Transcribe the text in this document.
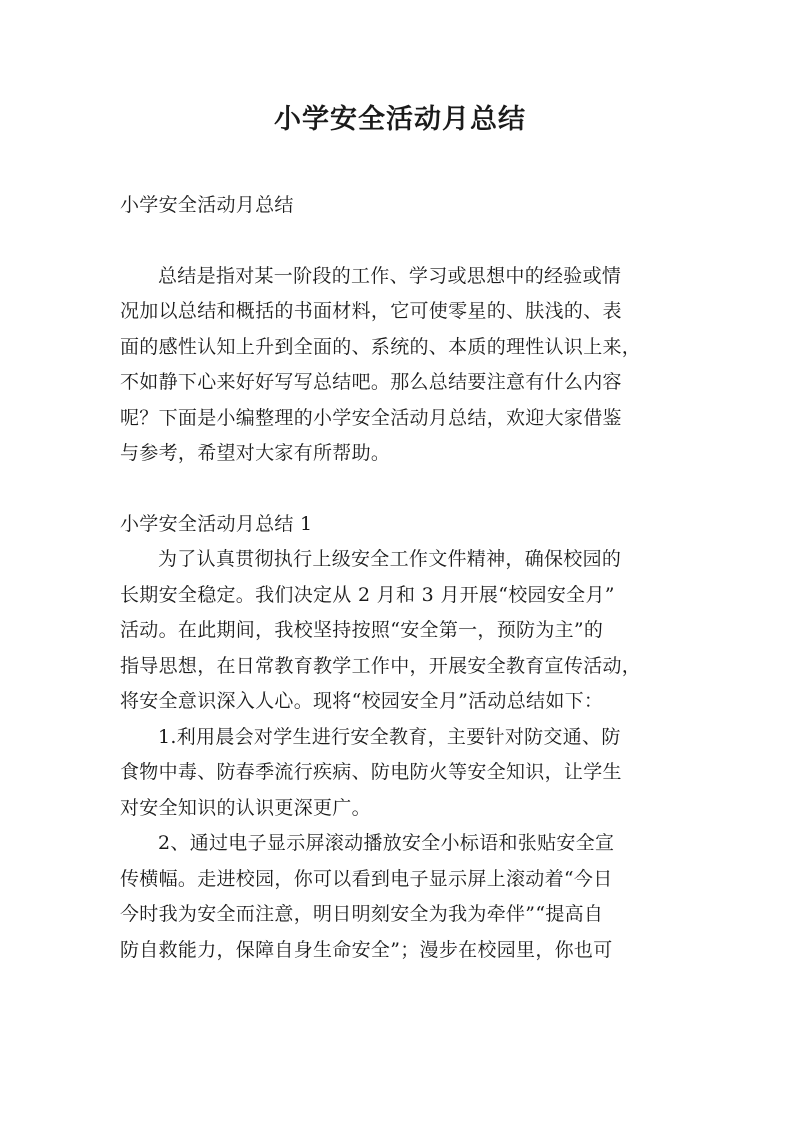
小学安全活动月总结

小学安全活动月总结

总结是指对某一阶段的工作、学习或思想中的经验或情
况加以总结和概括的书面材料，它可使零星的、肤浅的、表
面的感性认知上升到全面的、系统的、本质的理性认识上来，
不如静下心来好好写写总结吧。那么总结要注意有什么内容
呢？下面是小编整理的小学安全活动月总结，欢迎大家借鉴
与参考，希望对大家有所帮助。

小学安全活动月总结 1

为了认真贯彻执行上级安全工作文件精神，确保校园的
长期安全稳定。我们决定从 2 月和 3 月开展“校园安全月”
活动。在此期间，我校坚持按照“安全第一，预防为主”的
指导思想，在日常教育教学工作中，开展安全教育宣传活动，
将安全意识深入人心。现将“校园安全月”活动总结如下：

1.利用晨会对学生进行安全教育，主要针对防交通、防
食物中毒、防春季流行疾病、防电防火等安全知识，让学生
对安全知识的认识更深更广。

2、通过电子显示屏滚动播放安全小标语和张贴安全宣
传横幅。走进校园，你可以看到电子显示屏上滚动着“今日
今时我为安全而注意，明日明刻安全为我为牵伴”“提高自
防自救能力，保障自身生命安全”；漫步在校园里，你也可
